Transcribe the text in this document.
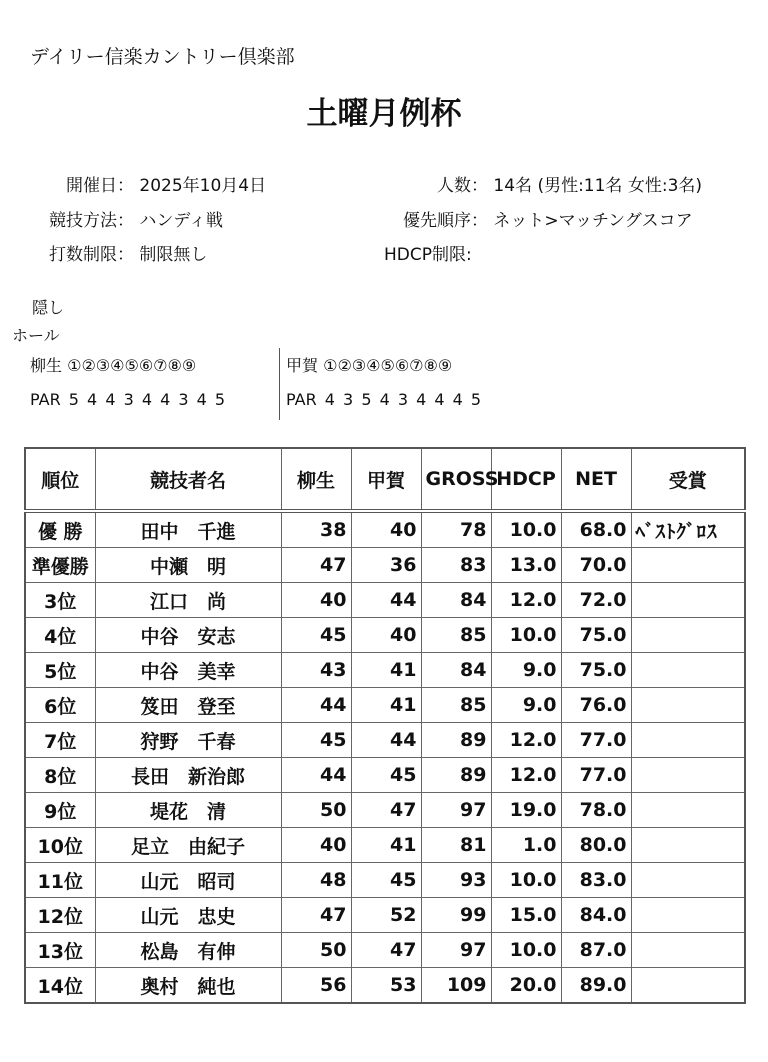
デイリー信楽カントリー倶楽部
土曜月例杯
開催日： 2025年10月4日
競技方法： ハンディ戦
打数制限： 制限無し
人数： 14名 (男性:11名 女性:3名)
優先順序： ネット>マッチングスコア
HDCP制限:
隠し
ホール
柳生 ①②③④⑤⑥⑦⑧⑨	甲賀 ①②③④⑤⑥⑦⑧⑨
PAR 5 4 4 3 4 4 3 4 5	PAR 4 3 5 4 3 4 4 4 5
順位	競技者名	柳生	甲賀	GROSS	HDCP	NET	受賞
優 勝	田中　千進	38	40	78	10.0	68.0	ﾍﾞｽﾄｸﾞﾛｽ
準優勝	中瀬　明	47	36	83	13.0	70.0	
3位	江口　尚	40	44	84	12.0	72.0	
4位	中谷　安志	45	40	85	10.0	75.0	
5位	中谷　美幸	43	41	84	9.0	75.0	
6位	笈田　登至	44	41	85	9.0	76.0	
7位	狩野　千春	45	44	89	12.0	77.0	
8位	長田　新治郎	44	45	89	12.0	77.0	
9位	堤花　清	50	47	97	19.0	78.0	
10位	足立　由紀子	40	41	81	1.0	80.0	
11位	山元　昭司	48	45	93	10.0	83.0	
12位	山元　忠史	47	52	99	15.0	84.0	
13位	松島　有伸	50	47	97	10.0	87.0	
14位	奥村　純也	56	53	109	20.0	89.0	
